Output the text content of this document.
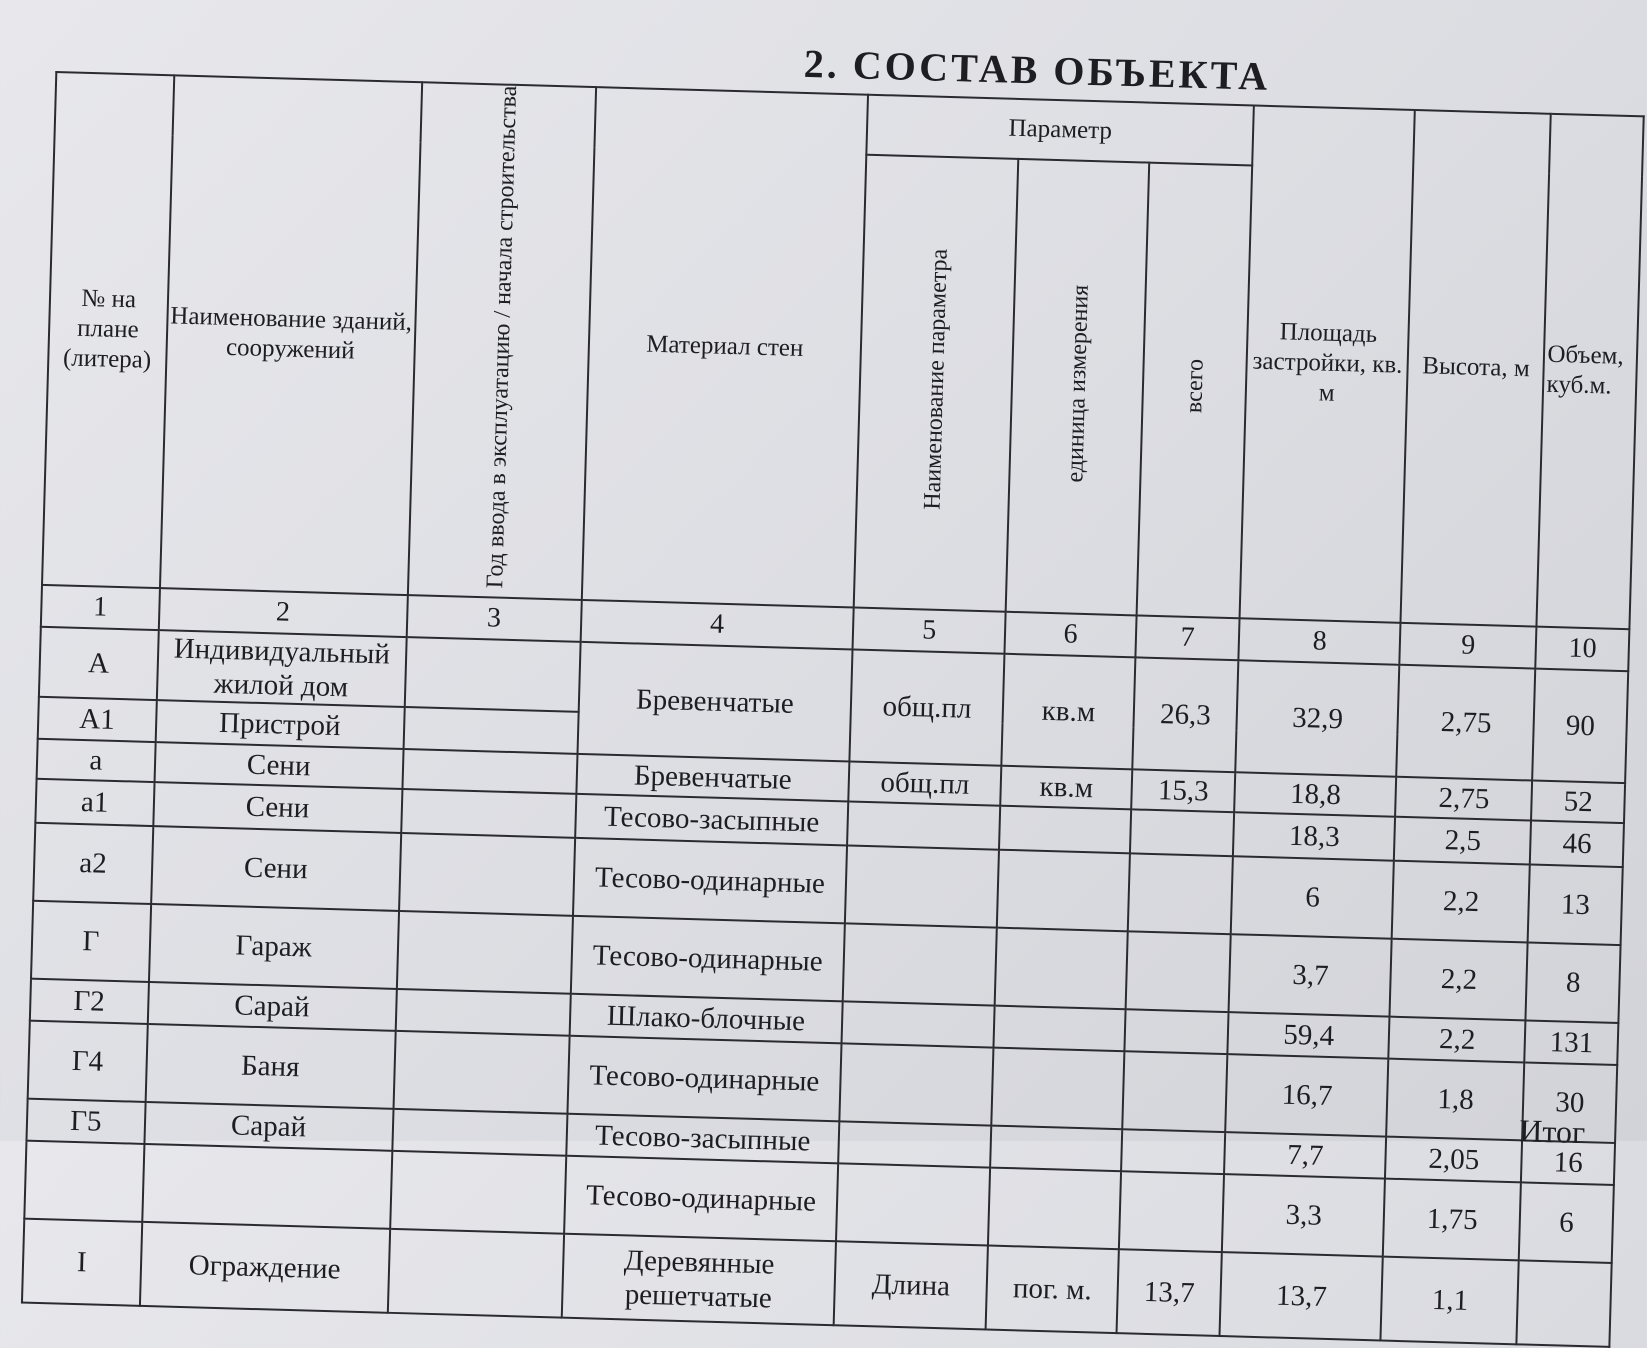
2. СОСТАВ ОБЪЕКТА
№ на плане (литера)	Наименование зданий, сооружений	Год ввода в эксплуатацию / начала строительства	Материал стен	Параметр			Площадь застройки, кв. м	Высота, м	Объем, куб.м.
				Наименование параметра	единица измерения	всего			
1	2	3	4	5	6	7	8	9	10
А	Индивидуальный жилой дом		Бревенчатые	общ.пл	кв.м	26,3	32,9	2,75	90
А1	Пристрой								
а	Сени		Бревенчатые	общ.пл	кв.м	15,3	18,8	2,75	52
а1	Сени		Тесово-засыпные				18,3	2,5	46
а2	Сени		Тесово-одинарные				6	2,2	13
Г	Гараж		Тесово-одинарные				3,7	2,2	8
Г2	Сарай		Шлако-блочные				59,4	2,2	131
Г4	Баня		Тесово-одинарные				16,7	1,8	30
Г5	Сарай		Тесово-засыпные				7,7	2,05	16
			Тесово-одинарные				3,3	1,75	6
I	Ограждение		Деревянные решетчатые	Длина	пог. м.	13,7	13,7	1,1	
Итог
